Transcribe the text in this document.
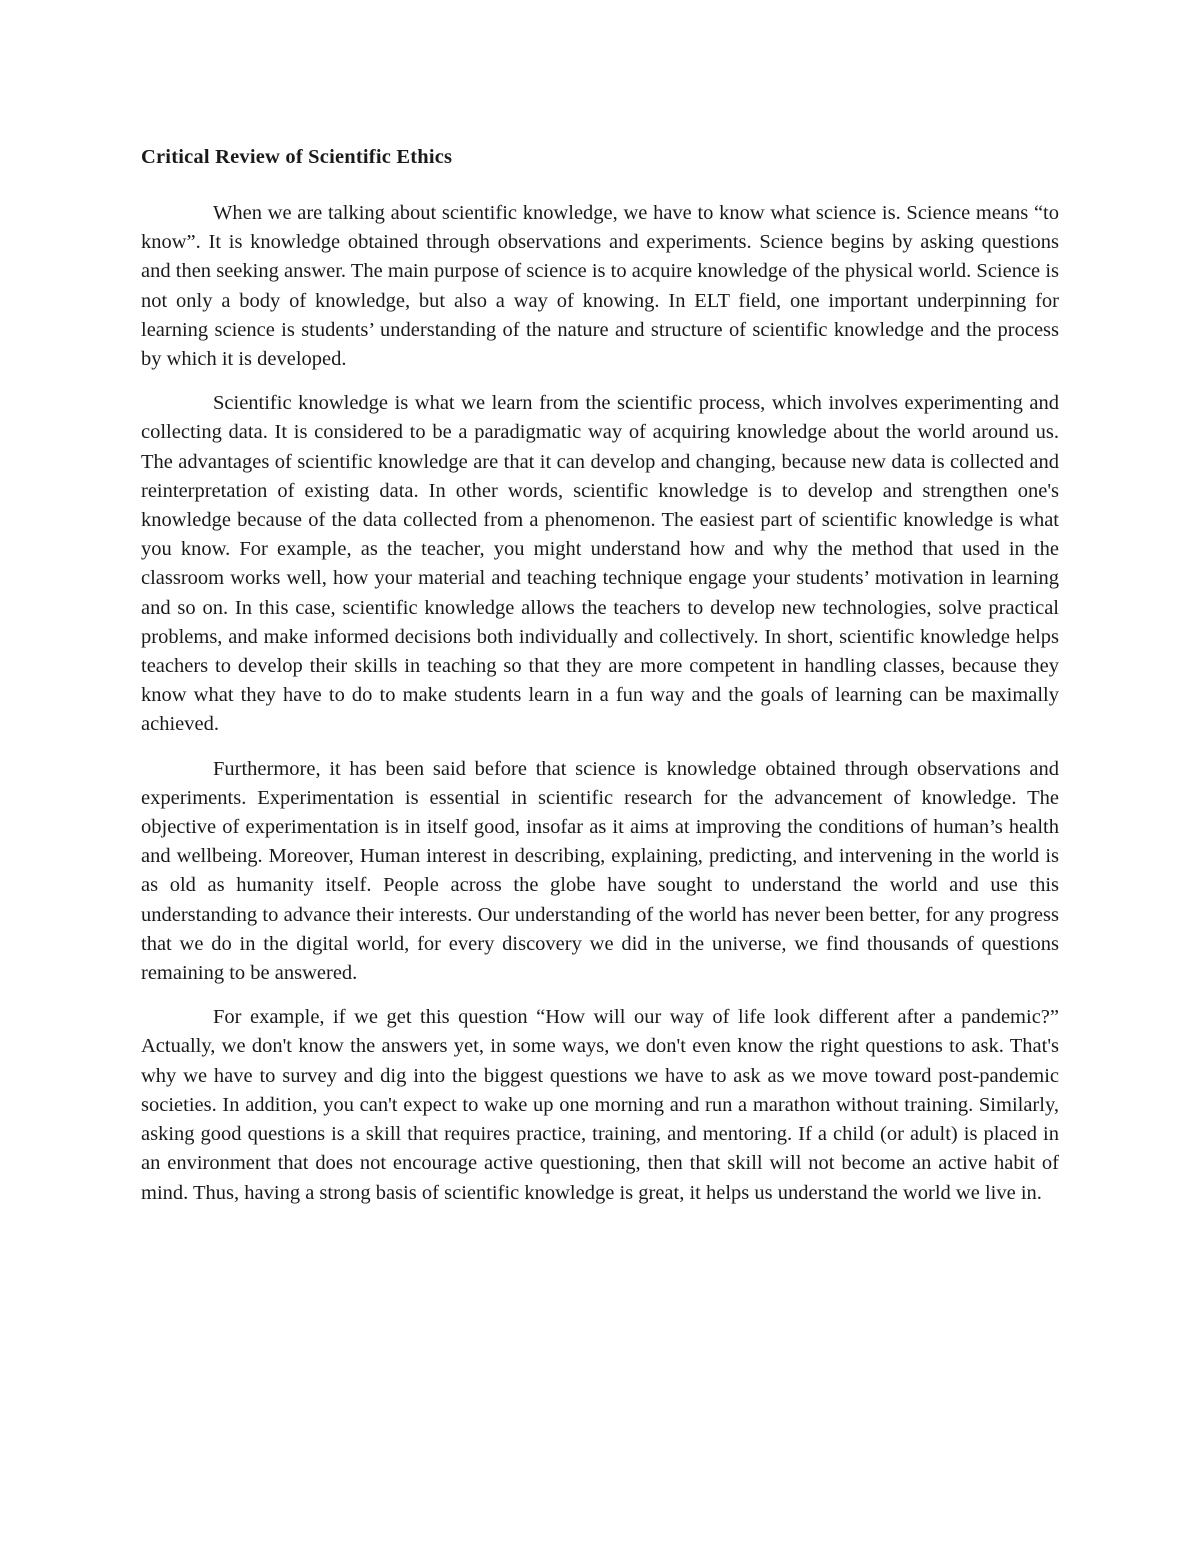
Critical Review of Scientific Ethics

When we are talking about scientific knowledge, we have to know what science is. Science means “to know”. It is knowledge obtained through observations and experiments. Science begins by asking questions and then seeking answer. The main purpose of science is to acquire knowledge of the physical world. Science is not only a body of knowledge, but also a way of knowing. In ELT field, one important underpinning for learning science is students’ understanding of the nature and structure of scientific knowledge and the process by which it is developed.

Scientific knowledge is what we learn from the scientific process, which involves experimenting and collecting data. It is considered to be a paradigmatic way of acquiring knowledge about the world around us. The advantages of scientific knowledge are that it can develop and changing, because new data is collected and reinterpretation of existing data. In other words, scientific knowledge is to develop and strengthen one's knowledge because of the data collected from a phenomenon. The easiest part of scientific knowledge is what you know. For example, as the teacher, you might understand how and why the method that used in the classroom works well, how your material and teaching technique engage your students’ motivation in learning and so on. In this case, scientific knowledge allows the teachers to develop new technologies, solve practical problems, and make informed decisions both individually and collectively. In short, scientific knowledge helps teachers to develop their skills in teaching so that they are more competent in handling classes, because they know what they have to do to make students learn in a fun way and the goals of learning can be maximally achieved.

Furthermore, it has been said before that science is knowledge obtained through observations and experiments. Experimentation is essential in scientific research for the advancement of knowledge. The objective of experimentation is in itself good, insofar as it aims at improving the conditions of human’s health and wellbeing. Moreover, Human interest in describing, explaining, predicting, and intervening in the world is as old as humanity itself. People across the globe have sought to understand the world and use this understanding to advance their interests. Our understanding of the world has never been better, for any progress that we do in the digital world, for every discovery we did in the universe, we find thousands of questions remaining to be answered.

For example, if we get this question “How will our way of life look different after a pandemic?” Actually, we don't know the answers yet, in some ways, we don't even know the right questions to ask. That's why we have to survey and dig into the biggest questions we have to ask as we move toward post-pandemic societies. In addition, you can't expect to wake up one morning and run a marathon without training. Similarly, asking good questions is a skill that requires practice, training, and mentoring. If a child (or adult) is placed in an environment that does not encourage active questioning, then that skill will not become an active habit of mind. Thus, having a strong basis of scientific knowledge is great, it helps us understand the world we live in.
